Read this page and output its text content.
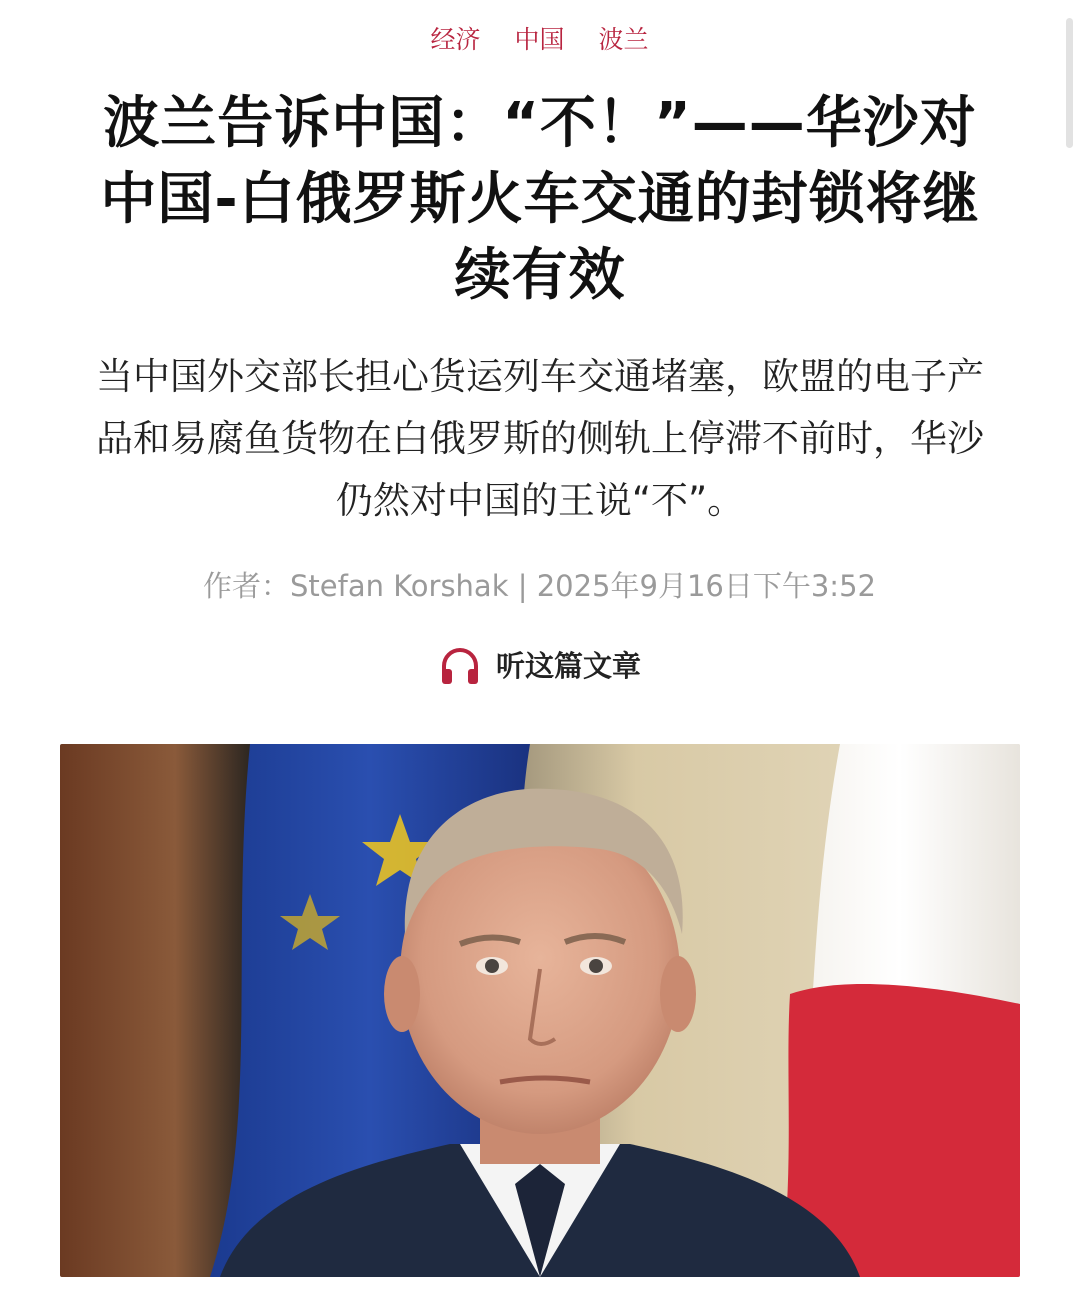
经济 中国 波兰
波兰告诉中国：“不！”——华沙对中国-白俄罗斯火车交通的封锁将继续有效

当中国外交部长担心货运列车交通堵塞，欧盟的电子产品和易腐鱼货物在白俄罗斯的侧轨上停滞不前时，华沙仍然对中国的王说“不”。

作者：Stefan Korshak | 2025年9月16日下午3:52
听这篇文章
